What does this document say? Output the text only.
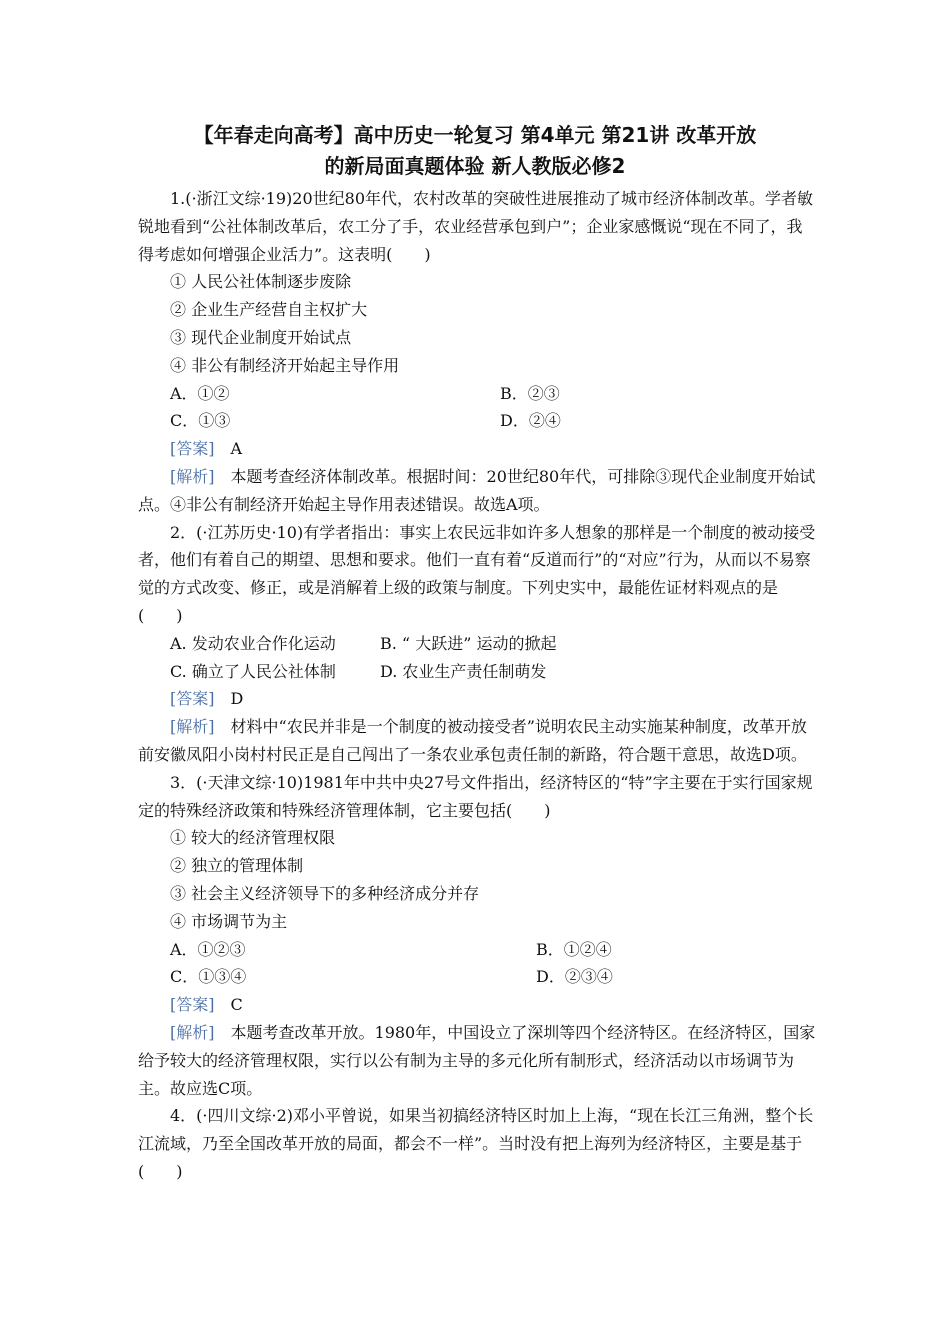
【年春走向高考】高中历史一轮复习 第4单元 第21讲 改革开放
的新局面真题体验 新人教版必修2

1.(·浙江文综·19)20世纪80年代，农村改革的突破性进展推动了城市经济体制改革。学者敏锐地看到“公社体制改革后，农工分了手，农业经营承包到户”；企业家感慨说“现在不同了，我得考虑如何增强企业活力”。这表明(　　)

① 人民公社体制逐步废除

② 企业生产经营自主权扩大

③ 现代企业制度开始试点

④ 非公有制经济开始起主导作用

A．①②	B．②③
C．①③	D．②④

[答案]　 A

[解析]　 本题考查经济体制改革。根据时间：20世纪80年代，可排除③现代企业制度开始试点。④非公有制经济开始起主导作用表述错误。故选A项。

2．(·江苏历史·10)有学者指出：事实上农民远非如许多人想象的那样是一个制度的被动接受者，他们有着自己的期望、思想和要求。他们一直有着“反道而行”的“对应”行为，从而以不易察觉的方式改变、修正，或是消解着上级的政策与制度。下列史实中，最能佐证材料观点的是(　　)

A. 发动农业合作化运动	B. “ 大跃进” 运动的掀起
C. 确立了人民公社体制	D. 农业生产责任制萌发

[答案]　 D

[解析]　 材料中“农民并非是一个制度的被动接受者”说明农民主动实施某种制度，改革开放前安徽凤阳小岗村村民正是自己闯出了一条农业承包责任制的新路，符合题干意思，故选D项。

3．(·天津文综·10)1981年中共中央27号文件指出，经济特区的“特”字主要在于实行国家规定的特殊经济政策和特殊经济管理体制，它主要包括(　　)

① 较大的经济管理权限

② 独立的管理体制

③ 社会主义经济领导下的多种经济成分并存

④ 市场调节为主

A．①②③	B．①②④
C．①③④	D．②③④

[答案]　 C

[解析]　 本题考查改革开放。1980年，中国设立了深圳等四个经济特区。在经济特区，国家给予较大的经济管理权限，实行以公有制为主导的多元化所有制形式，经济活动以市场调节为主。故应选C项。

4．(·四川文综·2)邓小平曾说，如果当初搞经济特区时加上上海，“现在长江三角洲，整个长江流域，乃至全国改革开放的局面，都会不一样”。当时没有把上海列为经济特区，主要是基于(　　)
